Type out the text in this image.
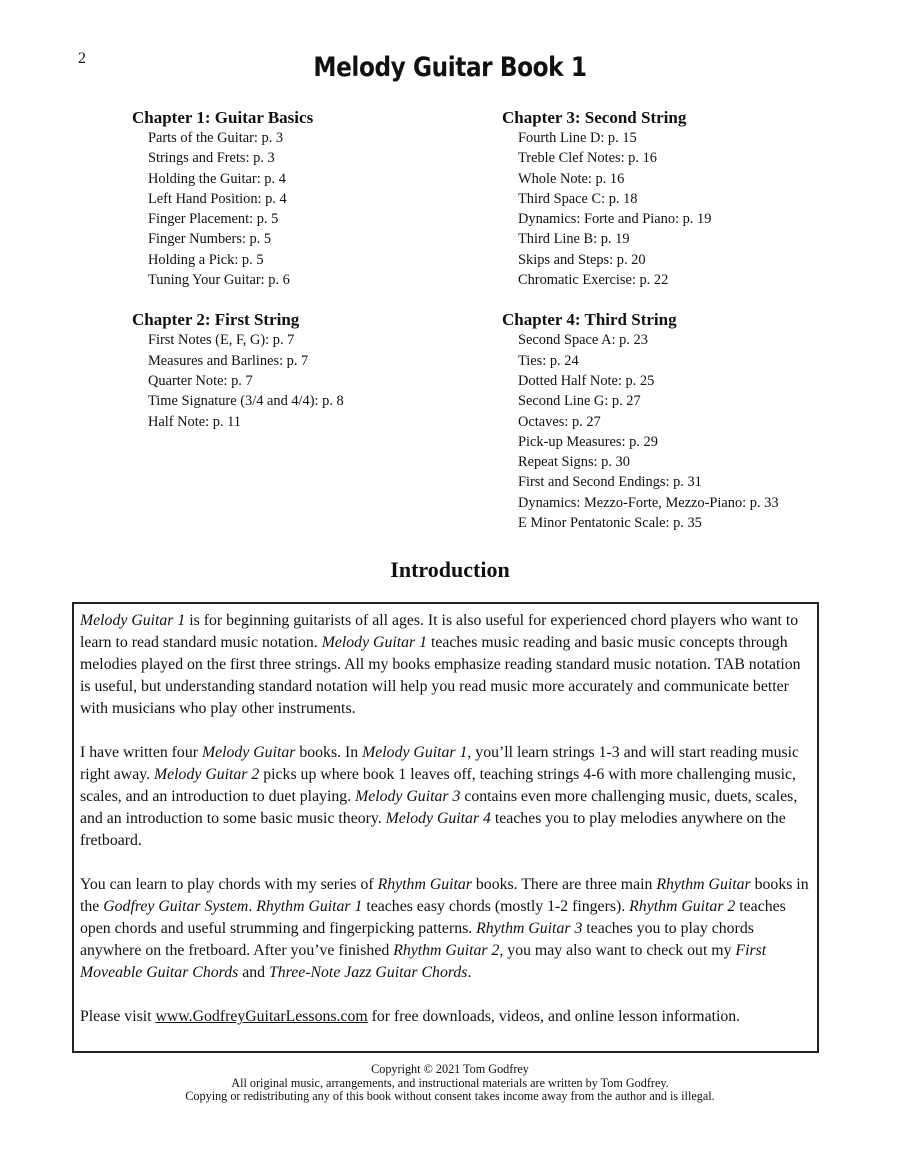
2	Melody Guitar Book 1
Chapter 1: Guitar Basics
Parts of the Guitar: p. 3
Strings and Frets: p. 3
Holding the Guitar: p. 4
Left Hand Position: p. 4
Finger Placement: p. 5
Finger Numbers: p. 5
Holding a Pick: p. 5
Tuning Your Guitar: p. 6
Chapter 2: First String
First Notes (E, F, G): p. 7
Measures and Barlines: p. 7
Quarter Note: p. 7
Time Signature (3/4 and 4/4): p. 8
Half Note: p. 11
Chapter 3: Second String
Fourth Line D: p. 15
Treble Clef Notes: p. 16
Whole Note: p. 16
Third Space C: p. 18
Dynamics: Forte and Piano: p. 19
Third Line B: p. 19
Skips and Steps: p. 20
Chromatic Exercise: p. 22
Chapter 4: Third String
Second Space A: p. 23
Ties: p. 24
Dotted Half Note: p. 25
Second Line G: p. 27
Octaves: p. 27
Pick-up Measures: p. 29
Repeat Signs: p. 30
First and Second Endings: p. 31
Dynamics: Mezzo-Forte, Mezzo-Piano: p. 33
E Minor Pentatonic Scale: p. 35
Introduction

Melody Guitar 1 is for beginning guitarists of all ages. It is also useful for experienced chord players who want to learn to read standard music notation. Melody Guitar 1 teaches music reading and basic music concepts through melodies played on the first three strings. All my books emphasize reading standard music notation. TAB notation is useful, but understanding standard notation will help you read music more accurately and communicate better with musicians who play other instruments.

I have written four Melody Guitar books. In Melody Guitar 1, you’ll learn strings 1-3 and will start reading music right away. Melody Guitar 2 picks up where book 1 leaves off, teaching strings 4-6 with more challenging music, scales, and an introduction to duet playing. Melody Guitar 3 contains even more challenging music, duets, scales, and an introduction to some basic music theory. Melody Guitar 4 teaches you to play melodies anywhere on the fretboard.

You can learn to play chords with my series of Rhythm Guitar books. There are three main Rhythm Guitar books in the Godfrey Guitar System. Rhythm Guitar 1 teaches easy chords (mostly 1-2 fingers). Rhythm Guitar 2 teaches open chords and useful strumming and fingerpicking patterns. Rhythm Guitar 3 teaches you to play chords anywhere on the fretboard. After you’ve finished Rhythm Guitar 2, you may also want to check out my First Moveable Guitar Chords and Three-Note Jazz Guitar Chords.

Please visit www.GodfreyGuitarLessons.com for free downloads, videos, and online lesson information.

Copyright © 2021 Tom Godfrey
All original music, arrangements, and instructional materials are written by Tom Godfrey.
Copying or redistributing any of this book without consent takes income away from the author and is illegal.
